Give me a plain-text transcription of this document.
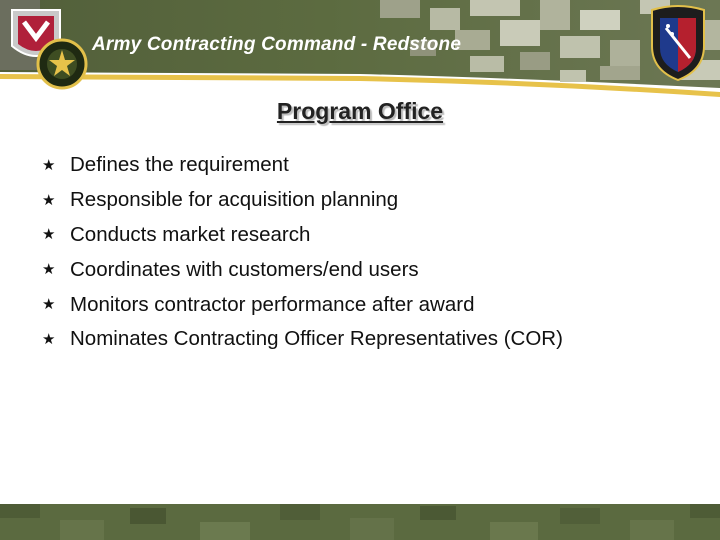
Army Contracting Command - Redstone
Program Office
★ Defines the requirement
★ Responsible for acquisition planning
★ Conducts market research
★ Coordinates with customers/end users
★ Monitors contractor performance after award
★ Nominates Contracting Officer Representatives (COR)
